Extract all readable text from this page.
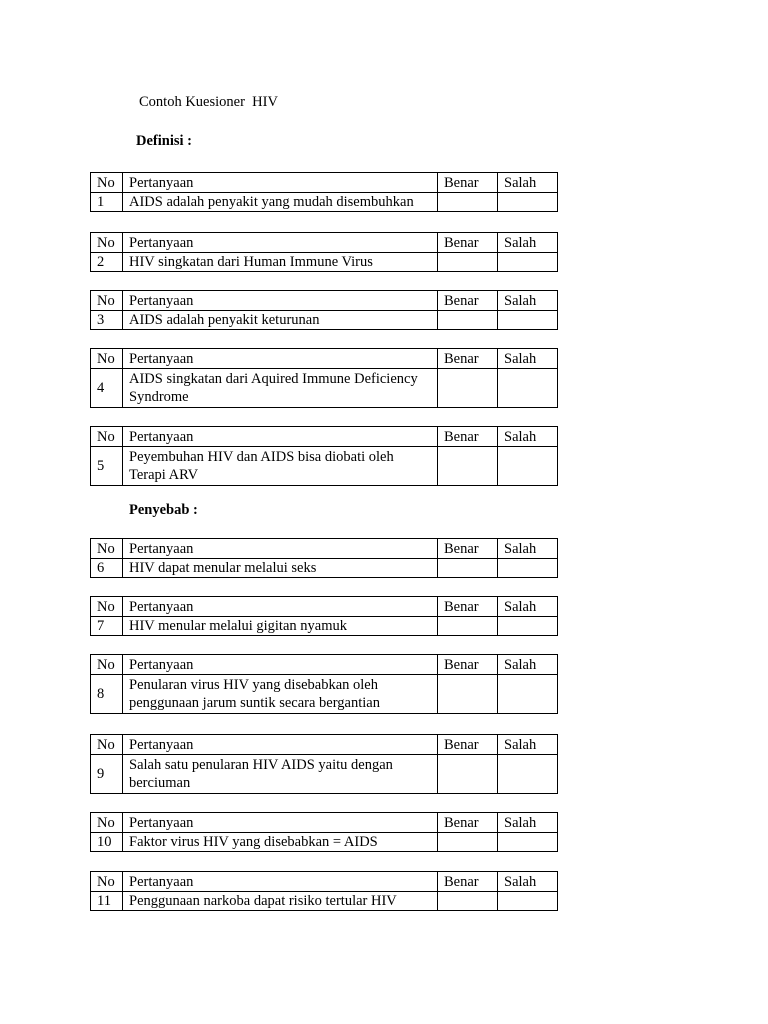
Contoh Kuesioner  HIV
Definisi :
Penyebab :
No	Pertanyaan	Benar	Salah
1	AIDS adalah penyakit yang mudah disembuhkan		
No	Pertanyaan	Benar	Salah
2	HIV singkatan dari Human Immune Virus		
No	Pertanyaan	Benar	Salah
3	AIDS adalah penyakit keturunan		
No	Pertanyaan	Benar	Salah
4	AIDS singkatan dari Aquired Immune Deficiency Syndrome		
No	Pertanyaan	Benar	Salah
5	Peyembuhan HIV dan AIDS bisa diobati oleh Terapi ARV		
No	Pertanyaan	Benar	Salah
6	HIV dapat menular melalui seks		
No	Pertanyaan	Benar	Salah
7	HIV menular melalui gigitan nyamuk		
No	Pertanyaan	Benar	Salah
8	Penularan virus HIV yang disebabkan oleh penggunaan jarum suntik secara bergantian		
No	Pertanyaan	Benar	Salah
9	Salah satu penularan HIV AIDS yaitu dengan berciuman		
No	Pertanyaan	Benar	Salah
10	Faktor virus HIV yang disebabkan = AIDS		
No	Pertanyaan	Benar	Salah
11	Penggunaan narkoba dapat risiko tertular HIV		
